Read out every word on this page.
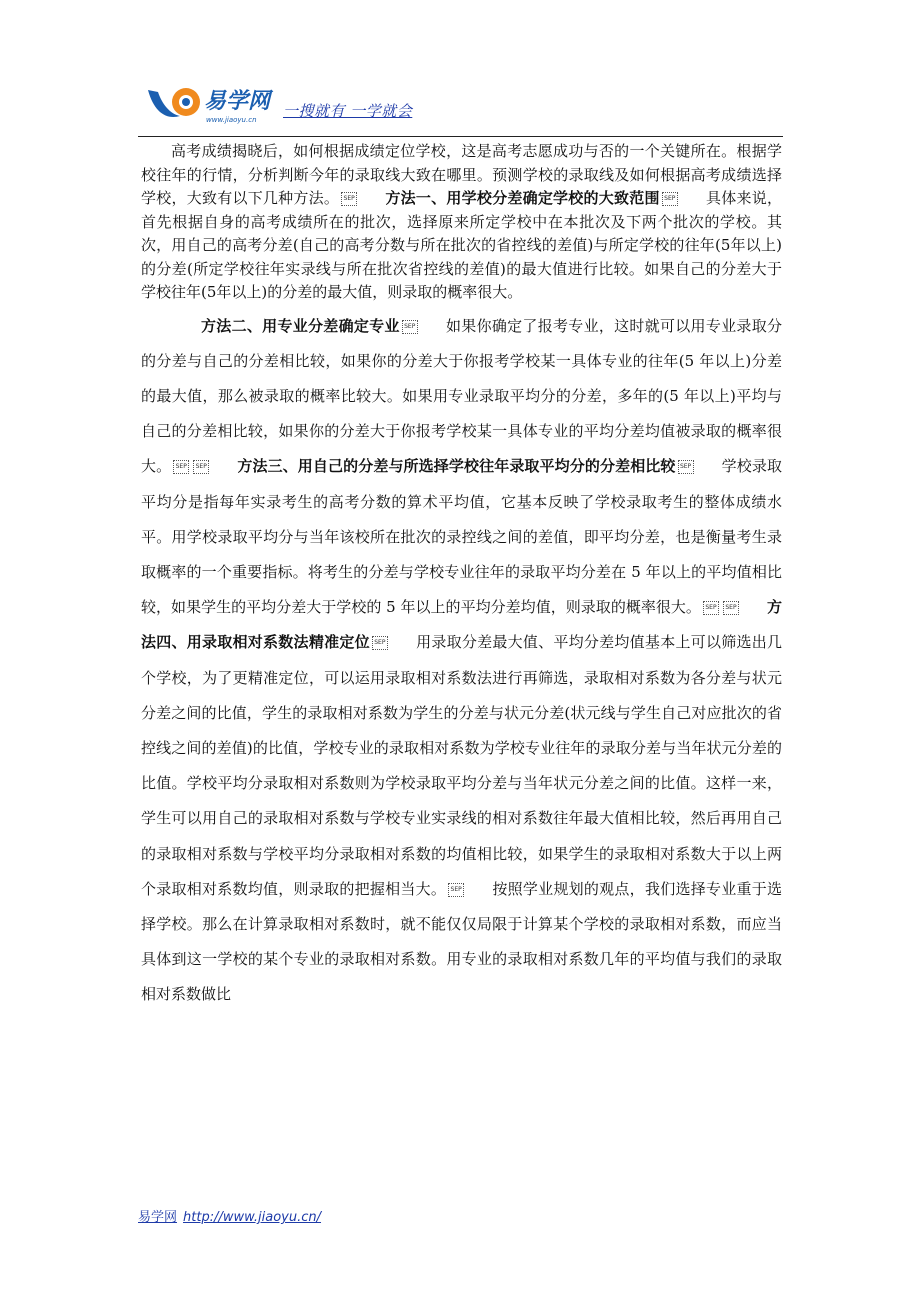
易学网
www.jiaoyu.cn 一搜就有 一学就会

高考成绩揭晓后，如何根据成绩定位学校，这是高考志愿成功与否的一个关键所在。根据学校往年的行情，分析判断今年的录取线大致在哪里。预测学校的录取线及如何根据高考成绩选择学校，大致有以下几种方法。 SEP 方法一、用学校分差确定学校的大致范围 SEP 具体来说，首先根据自身的高考成绩所在的批次，选择原来所定学校中在本批次及下两个批次的学校。其次，用自己的高考分差(自己的高考分数与所在批次的省控线的差值)与所定学校的往年(5年以上)的分差(所定学校往年实录线与所在批次省控线的差值)的最大值进行比较。如果自己的分差大于学校往年(5年以上)的分差的最大值，则录取的概率很大。

方法二、用专业分差确定专业 SEP 如果你确定了报考专业，这时就可以用专业录取分的分差与自己的分差相比较，如果你的分差大于你报考学校某一具体专业的往年(5 年以上)分差的最大值，那么被录取的概率比较大。如果用专业录取平均分的分差，多年的(5 年以上)平均与自己的分差相比较，如果你的分差大于你报考学校某一具体专业的平均分差均值被录取的概率很大。 SEP SEP 方法三、用自己的分差与所选择学校往年录取平均分的分差相比较 SEP 学校录取平均分是指每年实录考生的高考分数的算术平均值，它基本反映了学校录取考生的整体成绩水平。用学校录取平均分与当年该校所在批次的录控线之间的差值，即平均分差，也是衡量考生录取概率的一个重要指标。将考生的分差与学校专业往年的录取平均分差在 5 年以上的平均值相比较，如果学生的平均分差大于学校的 5 年以上的平均分差均值，则录取的概率很大。 SEP SEP 方法四、用录取相对系数法精准定位 SEP 用录取分差最大值、平均分差均值基本上可以筛选出几个学校，为了更精准定位，可以运用录取相对系数法进行再筛选，录取相对系数为各分差与状元分差之间的比值，学生的录取相对系数为学生的分差与状元分差(状元线与学生自己对应批次的省控线之间的差值)的比值，学校专业的录取相对系数为学校专业往年的录取分差与当年状元分差的比值。学校平均分录取相对系数则为学校录取平均分差与当年状元分差之间的比值。这样一来，学生可以用自己的录取相对系数与学校专业实录线的相对系数往年最大值相比较，然后再用自己的录取相对系数与学校平均分录取相对系数的均值相比较，如果学生的录取相对系数大于以上两个录取相对系数均值，则录取的把握相当大。 SEP 按照学业规划的观点，我们选择专业重于选择学校。那么在计算录取相对系数时，就不能仅仅局限于计算某个学校的录取相对系数，而应当具体到这一学校的某个专业的录取相对系数。用专业的录取相对系数几年的平均值与我们的录取相对系数做比

易学网 http://www.jiaoyu.cn/
